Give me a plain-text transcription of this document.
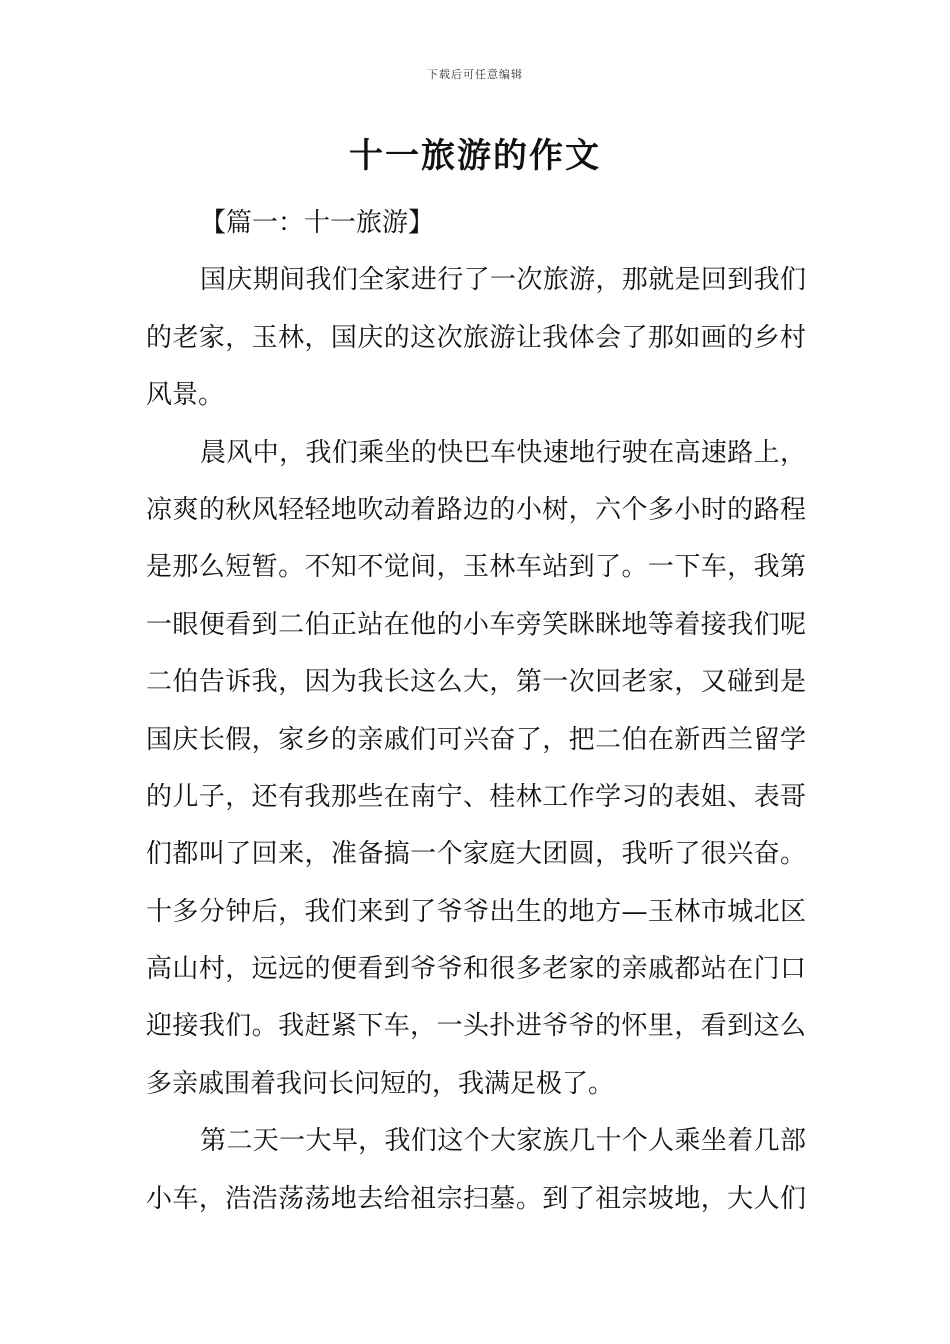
下载后可任意编辑
十一旅游的作文
【篇一：十一旅游】
国庆期间我们全家进行了一次旅游，那就是回到我们
的老家，玉林，国庆的这次旅游让我体会了那如画的乡村
风景。
晨风中，我们乘坐的快巴车快速地行驶在高速路上，
凉爽的秋风轻轻地吹动着路边的小树，六个多小时的路程
是那么短暂。不知不觉间，玉林车站到了。一下车，我第
一眼便看到二伯正站在他的小车旁笑眯眯地等着接我们呢
二伯告诉我，因为我长这么大，第一次回老家，又碰到是
国庆长假，家乡的亲戚们可兴奋了，把二伯在新西兰留学
的儿子，还有我那些在南宁、桂林工作学习的表姐、表哥
们都叫了回来，准备搞一个家庭大团圆，我听了很兴奋。
十多分钟后，我们来到了爷爷出生的地方—玉林市城北区
高山村，远远的便看到爷爷和很多老家的亲戚都站在门口
迎接我们。我赶紧下车，一头扑进爷爷的怀里，看到这么
多亲戚围着我问长问短的，我满足极了。
第二天一大早，我们这个大家族几十个人乘坐着几部
小车，浩浩荡荡地去给祖宗扫墓。到了祖宗坡地，大人们
